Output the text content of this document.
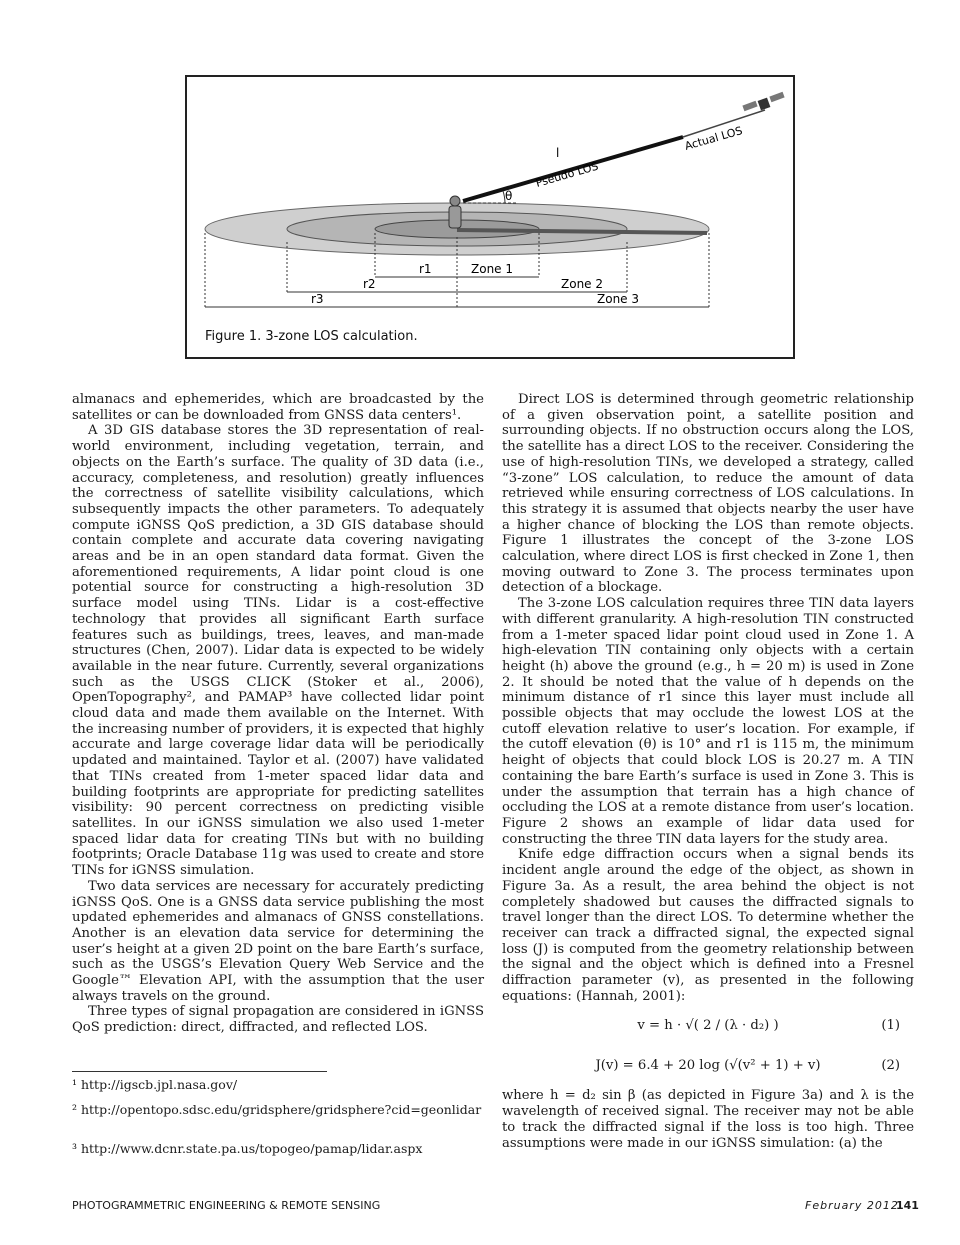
θ
Pseudo LOS
Actual LOS
l
r1
r2
r3
Zone 1
Zone 2
Zone 3
Figure 1. 3-zone LOS calculation.

almanacs and ephemerides, which are broadcasted by the satellites or can be downloaded from GNSS data centers¹.

A 3D GIS database stores the 3D representation of real-world environment, including vegetation, terrain, and objects on the Earth’s surface. The quality of 3D data (i.e., accuracy, completeness, and resolution) greatly influences the correctness of satellite visibility calculations, which subsequently impacts the other parameters. To adequately compute iGNSS QoS prediction, a 3D GIS database should contain complete and accurate data covering navigating areas and be in an open standard data format. Given the aforementioned requirements, A lidar point cloud is one potential source for constructing a high-resolution 3D surface model using TINs. Lidar is a cost-effective technology that provides all significant Earth surface features such as buildings, trees, leaves, and man-made structures (Chen, 2007). Lidar data is expected to be widely available in the near future. Currently, several organizations such as the USGS CLICK (Stoker et al., 2006), OpenTopography², and PAMAP³ have collected lidar point cloud data and made them available on the Internet. With the increasing number of providers, it is expected that highly accurate and large coverage lidar data will be periodically updated and maintained. Taylor et al. (2007) have validated that TINs created from 1-meter spaced lidar data and building footprints are appropriate for predicting satellites visibility: 90 percent correctness on predicting visible satellites. In our iGNSS simulation we also used 1-meter spaced lidar data for creating TINs but with no building footprints; Oracle Database 11g was used to create and store TINs for iGNSS simulation.

Two data services are necessary for accurately predicting iGNSS QoS. One is a GNSS data service publishing the most updated ephemerides and almanacs of GNSS constellations. Another is an elevation data service for determining the user’s height at a given 2D point on the bare Earth’s surface, such as the USGS’s Elevation Query Web Service and the Google™ Elevation API, with the assumption that the user always travels on the ground.

Three types of signal propagation are considered in iGNSS QoS prediction: direct, diffracted, and reflected LOS.

¹ http://igscb.jpl.nasa.gov/
² http://opentopo.sdsc.edu/gridsphere/gridsphere?cid=geonlidar
³ http://www.dcnr.state.pa.us/topogeo/pamap/lidar.aspx

Direct LOS is determined through geometric relationship of a given observation point, a satellite position and surrounding objects. If no obstruction occurs along the LOS, the satellite has a direct LOS to the receiver. Considering the use of high-resolution TINs, we developed a strategy, called “3-zone” LOS calculation, to reduce the amount of data retrieved while ensuring correctness of LOS calculations. In this strategy it is assumed that objects nearby the user have a higher chance of blocking the LOS than remote objects. Figure 1 illustrates the concept of the 3-zone LOS calculation, where direct LOS is first checked in Zone 1, then moving outward to Zone 3. The process terminates upon detection of a blockage.

The 3-zone LOS calculation requires three TIN data layers with different granularity. A high-resolution TIN constructed from a 1-meter spaced lidar point cloud used in Zone 1. A high-elevation TIN containing only objects with a certain height (h) above the ground (e.g., h = 20 m) is used in Zone 2. It should be noted that the value of h depends on the minimum distance of r1 since this layer must include all possible objects that may occlude the lowest LOS at the cutoff elevation relative to user’s location. For example, if the cutoff elevation (θ) is 10° and r1 is 115 m, the minimum height of objects that could block LOS is 20.27 m. A TIN containing the bare Earth’s surface is used in Zone 3. This is under the assumption that terrain has a high chance of occluding the LOS at a remote distance from user’s location. Figure 2 shows an example of lidar data used for constructing the three TIN data layers for the study area.

Knife edge diffraction occurs when a signal bends its incident angle around the edge of the object, as shown in Figure 3a. As a result, the area behind the object is not completely shadowed but causes the diffracted signals to travel longer than the direct LOS. To determine whether the receiver can track a diffracted signal, the expected signal loss (J) is computed from the geometry relationship between the signal and the object which is defined into a Fresnel diffraction parameter (v), as presented in the following equations: (Hannah, 2001):

v = h · √( 2 / (λ · d₂) )	(1)
J(v) = 6.4 + 20 log (√(v² + 1) + v)	(2)

where h = d₂ sin β (as depicted in Figure 3a) and λ is the wavelength of received signal. The receiver may not be able to track the diffracted signal if the loss is too high. Three assumptions were made in our iGNSS simulation: (a) the

PHOTOGRAMMETRIC ENGINEERING & REMOTE SENSING	February 2012
141
